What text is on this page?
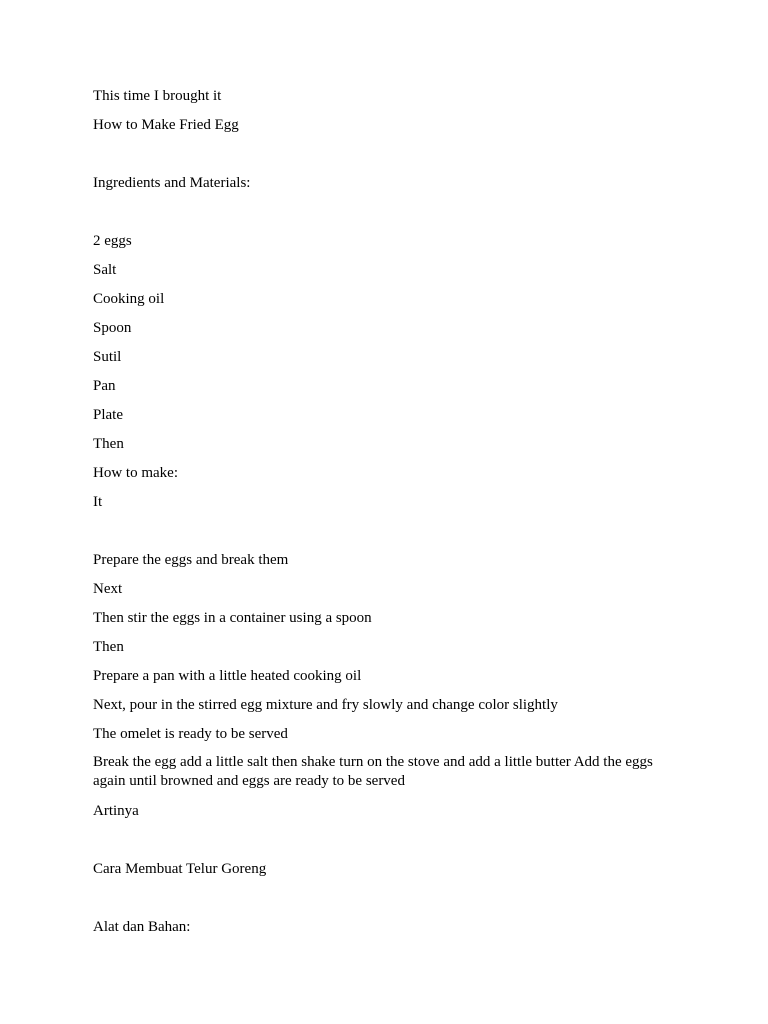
This time I brought it
How to Make Fried Egg
Ingredients and Materials:
2 eggs
Salt
Cooking oil
Spoon
Sutil
Pan
Plate
Then
How to make:
It
Prepare the eggs and break them
Next
Then stir the eggs in a container using a spoon
Then
Prepare a pan with a little heated cooking oil
Next, pour in the stirred egg mixture and fry slowly and change color slightly
The omelet is ready to be served
Break the egg add a little salt then shake turn on the stove and add a little butter Add the eggs again until browned and eggs are ready to be served
Artinya
Cara Membuat Telur Goreng
Alat dan Bahan:
